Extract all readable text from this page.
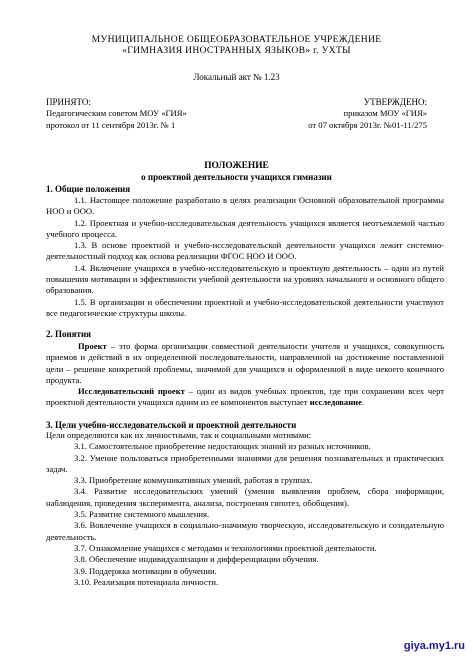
МУНИЦИПАЛЬНОЕ ОБЩЕОБРАЗОВАТЕЛЬНОЕ УЧРЕЖДЕНИЕ
«ГИМНАЗИЯ ИНОСТРАННЫХ ЯЗЫКОВ» г. УХТЫ
Локальный акт № 1.23
ПРИНЯТО:
Педагогическим советом МОУ «ГИЯ»
протокол от 11 сентября 2013г. № 1
УТВЕРЖДЕНО:
приказом МОУ «ГИЯ»
от 07 октября 2013г. №01-11/275
ПОЛОЖЕНИЕ
о проектной деятельности учащихся гимназии
1. Общие положения

1.1. Настоящее положение разработано в целях реализации Основной образовательной программы НОО и ООО.

1.2. Проектная и учебно-исследовательская деятельность учащихся является неотъемлемой частью учебного процесса.

1.3. В основе проектной и учебно-исследовательской деятельности учащихся лежит системно-деятельностный подход как основа реализации ФГОС НОО И ООО.

1.4. Включение учащихся в учебно-исследовательскую и проектную деятельность – один из путей повышения мотивации и эффективности учебной деятельности на уровнях начального и основного общего образования.

1.5. В организации и обеспечении проектной и учебно-исследовательской деятельности участвуют все педагогические структуры школы.

2. Понятия

Проект – это форма организации совместной деятельности учителя и учащихся, совокупность приемов и действий в их определенной последовательности, направленной на достижение поставленной цели – решение конкретной проблемы, значимой для учащихся и оформленной в виде некоего конечного продукта.

Исследовательский проект – один из видов учебных проектов, где при сохранении всех черт проектной деятельности учащихся одним из ее компонентов выступает исследование.

3. Цели учебно-исследовательской и проектной деятельности

Цели определяются как их личностными, так и социальными мотивами:

3.1. Самостоятельное приобретение недостающих знаний из разных источников.

3.2. Умение пользоваться приобретенными знаниями для решения познавательных и практических задач.

3.3. Приобретение коммуникативных умений, работая в группах.

3.4. Развитие исследовательских умений (умения выявления проблем, сбора информации, наблюдения, проведения эксперимента, анализа, построения гипотез, обобщения).

3.5. Развитие системного мышления.

3.6. Вовлечение учащихся в социально-значимую творческую, исследовательскую и созидательную деятельность.

3.7. Ознакомление учащихся с методами и технологиями проектной деятельности.

3.8. Обеспечение индивидуализации и дифференциации обучения.

3.9. Поддержка мотивации в обучении.

3.10. Реализация потенциала личности.

giya.my1.ru
